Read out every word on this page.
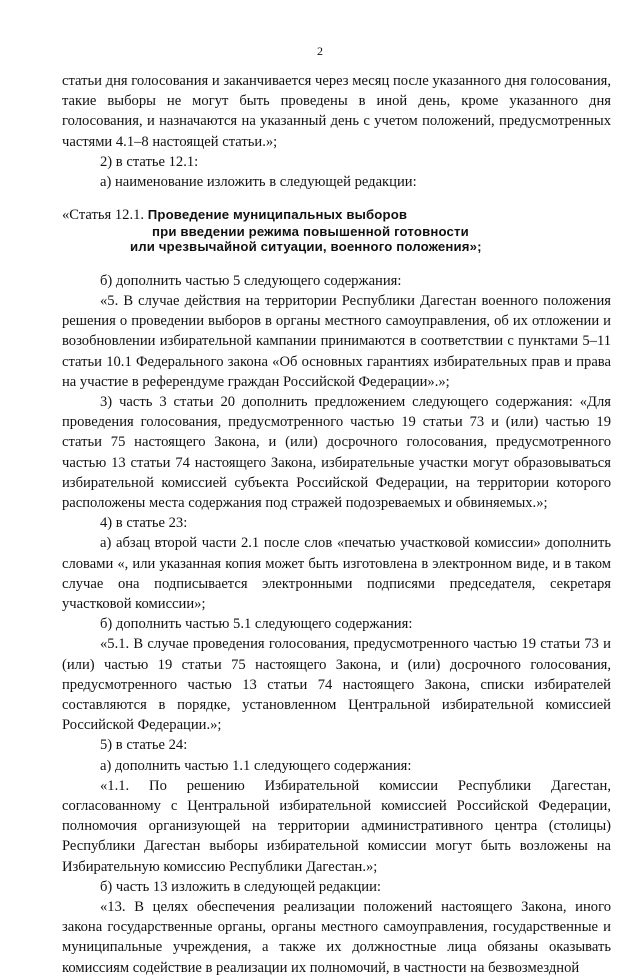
2

статьи дня голосования и заканчивается через месяц после указанного дня голосования, такие выборы не могут быть проведены в иной день, кроме указанного дня голосования, и назначаются на указанный день с учетом положений, предусмотренных частями 4.1–8 настоящей статьи.»;

2) в статье 12.1:

а) наименование изложить в следующей редакции:

«Статья 12.1. Проведение муниципальных выборов
при введении режима повышенной готовности
или чрезвычайной ситуации, военного положения»;

б) дополнить частью 5 следующего содержания:

«5. В случае действия на территории Республики Дагестан военного положения решения о проведении выборов в органы местного самоуправления, об их отложении и возобновлении избирательной кампании принимаются в соответствии с пунктами 5–11 статьи 10.1 Федерального закона «Об основных гарантиях избирательных прав и права на участие в референдуме граждан Российской Федерации».»;

3) часть 3 статьи 20 дополнить предложением следующего содержания: «Для проведения голосования, предусмотренного частью 19 статьи 73 и (или) частью 19 статьи 75 настоящего Закона, и (или) досрочного голосования, предусмотренного частью 13 статьи 74 настоящего Закона, избирательные участки могут образовываться избирательной комиссией субъекта Российской Федерации, на территории которого расположены места содержания под стражей подозреваемых и обвиняемых.»;

4) в статье 23:

а) абзац второй части 2.1 после слов «печатью участковой комиссии» дополнить словами «, или указанная копия может быть изготовлена в электронном виде, и в таком случае она подписывается электронными подписями председателя, секретаря участковой комиссии»;

б) дополнить частью 5.1 следующего содержания:

«5.1. В случае проведения голосования, предусмотренного частью 19 статьи 73 и (или) частью 19 статьи 75 настоящего Закона, и (или) досрочного голосования, предусмотренного частью 13 статьи 74 настоящего Закона, списки избирателей составляются в порядке, установленном Центральной избирательной комиссией Российской Федерации.»;

5) в статье 24:

а) дополнить частью 1.1 следующего содержания:

«1.1. По решению Избирательной комиссии Республики Дагестан, согласованному с Центральной избирательной комиссией Российской Федерации, полномочия организующей на территории административного центра (столицы) Республики Дагестан выборы избирательной комиссии могут быть возложены на Избирательную комиссию Республики Дагестан.»;

б) часть 13 изложить в следующей редакции:

«13. В целях обеспечения реализации положений настоящего Закона, иного закона государственные органы, органы местного самоуправления, государственные и муниципальные учреждения, а также их должностные лица обязаны оказывать комиссиям содействие в реализации их полномочий, в частности на безвозмездной
